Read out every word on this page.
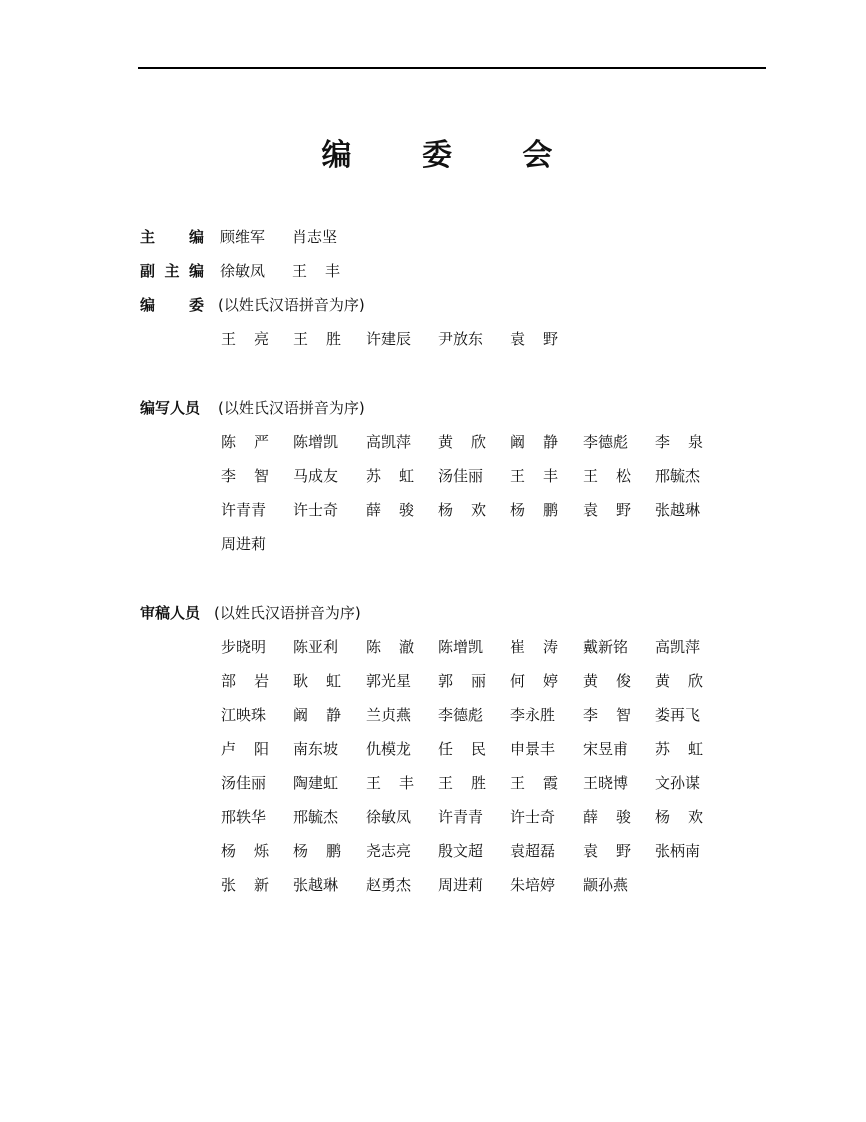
编 委 会
主 编 顾维军 肖志坚
副 主 编 徐敏凤 王 丰
编 委 (以姓氏汉语拼音为序)
编写人员 (以姓氏汉语拼音为序)
审稿人员 (以姓氏汉语拼音为序)
王 亮 王 胜 许建辰 尹放东 袁 野
陈 严 陈增凯 高凯萍 黄 欣 阚 静 李德彪 李 泉
李 智 马成友 苏 虹 汤佳丽 王 丰 王 松 邢毓杰
许青青 许士奇 薛 骏 杨 欢 杨 鹏 袁 野 张越琳
周进莉
步晓明 陈亚利 陈 澈 陈增凯 崔 涛 戴新铭 高凯萍
部 岩 耿 虹 郭光星 郭 丽 何 婷 黄 俊 黄 欣
江映珠 阚 静 兰贞燕 李德彪 李永胜 李 智 娄再飞
卢 阳 南东坡 仇模龙 任 民 申景丰 宋昱甫 苏 虹
汤佳丽 陶建虹 王 丰 王 胜 王 霞 王晓博 文孙谋
邢轶华 邢毓杰 徐敏凤 许青青 许士奇 薛 骏 杨 欢
杨 烁 杨 鹏 尧志亮 殷文超 袁超磊 袁 野 张柄南
张 新 张越琳 赵勇杰 周进莉 朱培婷 颛孙燕
